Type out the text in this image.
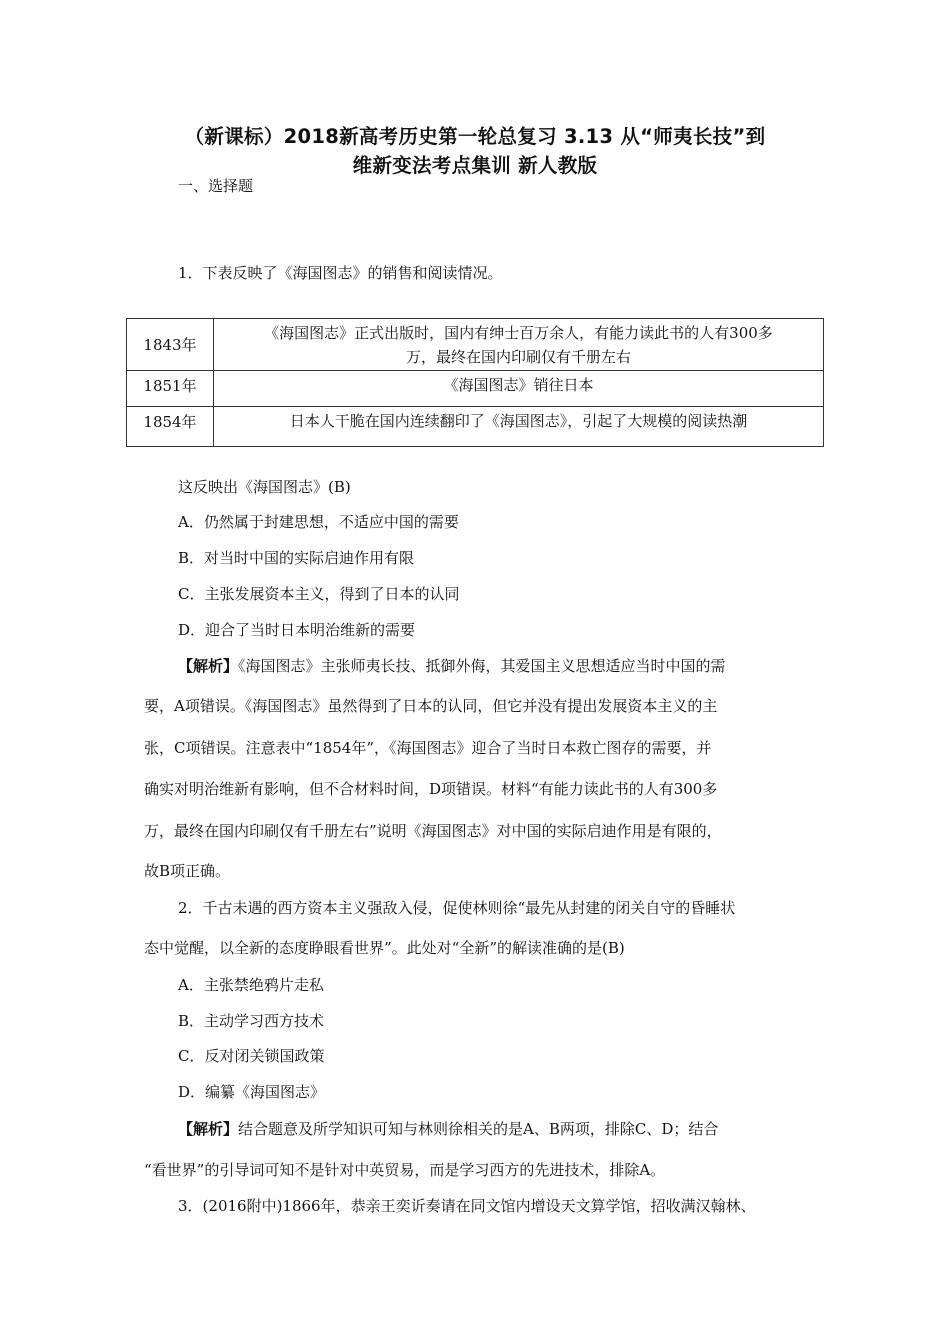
（新课标）2018新高考历史第一轮总复习 3.13 从“师夷长技”到
维新变法考点集训 新人教版
一、选择题
1．下表反映了《海国图志》的销售和阅读情况。
1843年	《海国图志》正式出版时，国内有绅士百万余人，有能力读此书的人有300多
万，最终在国内印刷仅有千册左右

1851年	《海国图志》销往日本
1854年	日本人干脆在国内连续翻印了《海国图志》，引起了大规模的阅读热潮
这反映出《海国图志》(B)
A．仍然属于封建思想，不适应中国的需要
B．对当时中国的实际启迪作用有限
C．主张发展资本主义，得到了日本的认同
D．迎合了当时日本明治维新的需要
【解析】《海国图志》主张师夷长技、抵御外侮，其爱国主义思想适应当时中国的需
要，A项错误。《海国图志》虽然得到了日本的认同，但它并没有提出发展资本主义的主
张，C项错误。注意表中“1854年”，《海国图志》迎合了当时日本救亡图存的需要，并
确实对明治维新有影响，但不合材料时间，D项错误。材料“有能力读此书的人有300多
万，最终在国内印刷仅有千册左右”说明《海国图志》对中国的实际启迪作用是有限的，
故B项正确。
2．千古未遇的西方资本主义强敌入侵，促使林则徐“最先从封建的闭关自守的昏睡状
态中觉醒，以全新的态度睁眼看世界”。此处对“全新”的解读准确的是(B)
A．主张禁绝鸦片走私
B．主动学习西方技术
C．反对闭关锁国政策
D．编纂《海国图志》
【解析】结合题意及所学知识可知与林则徐相关的是A、B两项，排除C、D；结合
“看世界”的引导词可知不是针对中英贸易，而是学习西方的先进技术，排除A。
3．(2016附中)1866年，恭亲王奕䜣奏请在同文馆内增设天文算学馆，招收满汉翰林、
